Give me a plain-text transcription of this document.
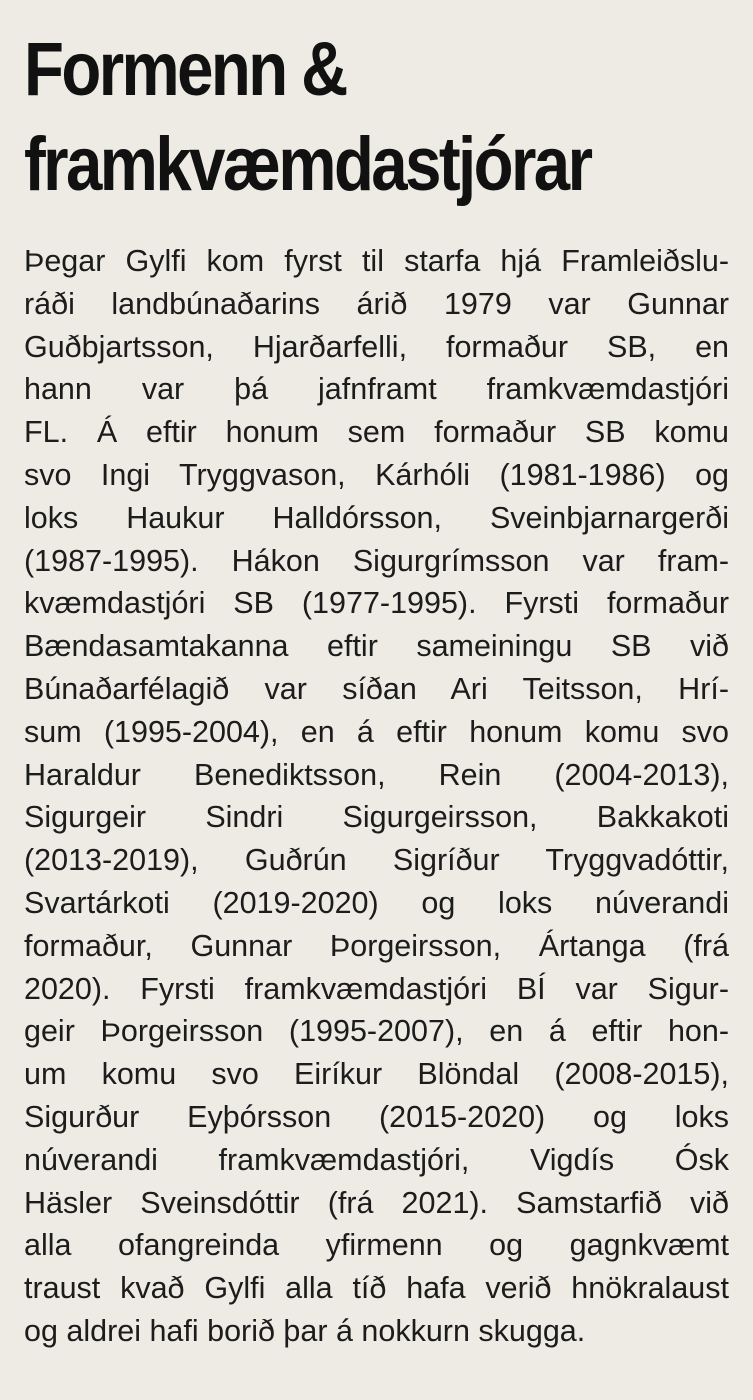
Formenn &
framkvæmdastjórar
Þegar Gylfi kom fyrst til starfa hjá Framleiðslu-
ráði landbúnaðarins árið 1979 var Gunnar
Guðbjartsson, Hjarðarfelli, formaður SB, en
hann var þá jafnframt framkvæmdastjóri
FL. Á eftir honum sem formaður SB komu
svo Ingi Tryggvason, Kárhóli (1981-1986) og
loks Haukur Halldórsson, Sveinbjarnargerði
(1987-1995). Hákon Sigurgrímsson var fram-
kvæmdastjóri SB (1977-1995). Fyrsti formaður
Bændasamtakanna eftir sameiningu SB við
Búnaðarfélagið var síðan Ari Teitsson, Hrí-
sum (1995-2004), en á eftir honum komu svo
Haraldur Benediktsson, Rein (2004-2013),
Sigurgeir Sindri Sigurgeirsson, Bakkakoti
(2013-2019), Guðrún Sigríður Tryggvadóttir,
Svartárkoti (2019-2020) og loks núverandi
formaður, Gunnar Þorgeirsson, Ártanga (frá
2020). Fyrsti framkvæmdastjóri BÍ var Sigur-
geir Þorgeirsson (1995-2007), en á eftir hon-
um komu svo Eiríkur Blöndal (2008-2015),
Sigurður Eyþórsson (2015-2020) og loks
núverandi framkvæmdastjóri, Vigdís Ósk
Häsler Sveinsdóttir (frá 2021). Samstarfið við
alla ofangreinda yfirmenn og gagnkvæmt
traust kvað Gylfi alla tíð hafa verið hnökralaust
og aldrei hafi borið þar á nokkurn skugga.
